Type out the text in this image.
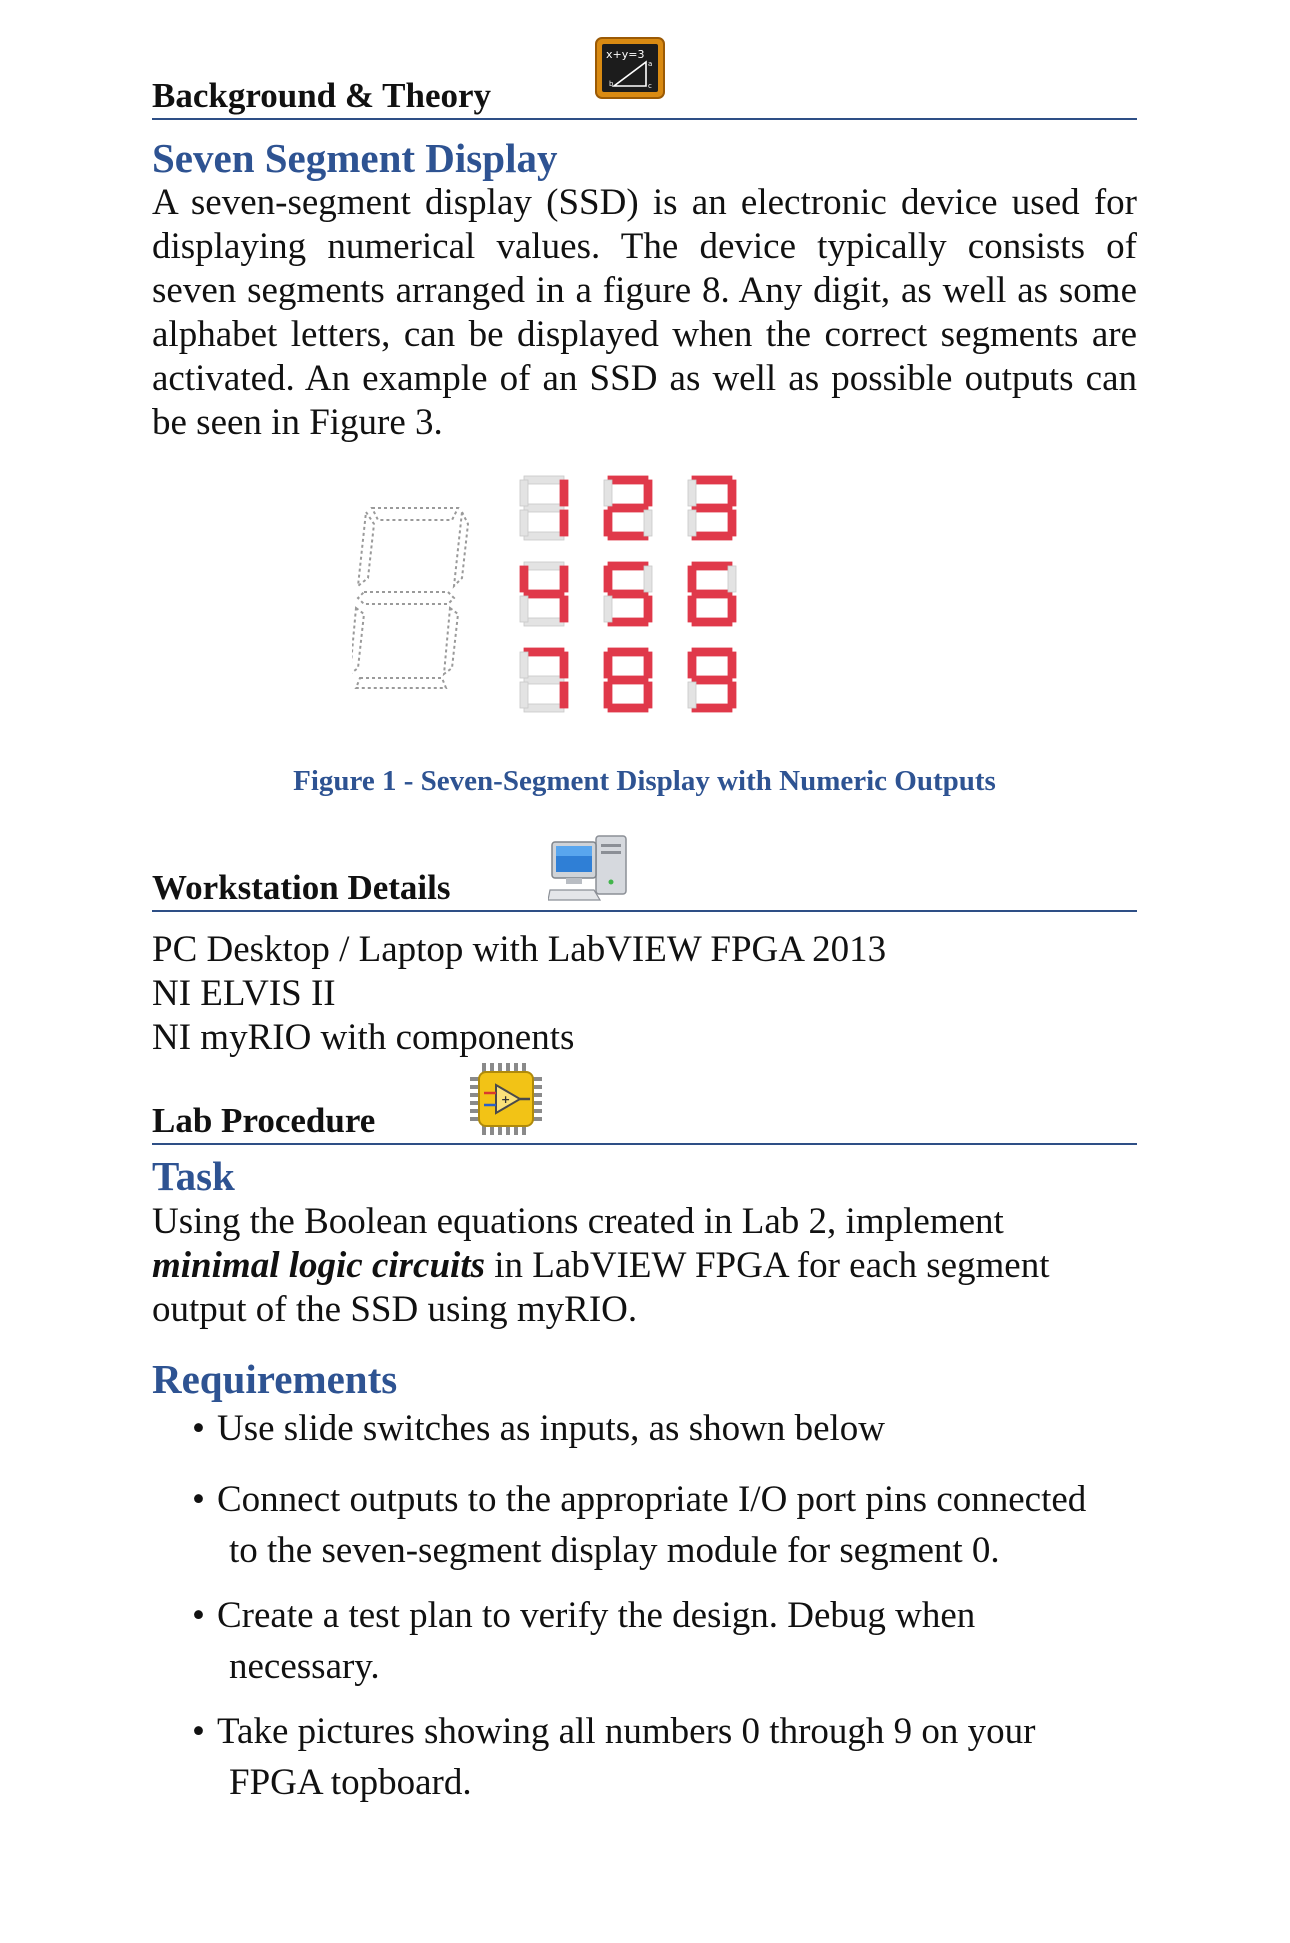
Background & Theory
x+y=3
b
a
c
Seven Segment Display
A seven-segment display (SSD) is an electronic device used for displaying numerical values. The device typically consists of seven segments arranged in a figure 8. Any digit, as well as some alphabet letters, can be displayed when the correct segments are activated. An example of an SSD as well as possible outputs can be seen in Figure 3.
Figure 1 - Seven-Segment Display with Numeric Outputs
Workstation Details
PC Desktop / Laptop with LabVIEW FPGA 2013
NI ELVIS II
NI myRIO with components
Lab Procedure
+
Task
Using the Boolean equations created in Lab 2, implement
minimal logic circuits in LabVIEW FPGA for each segment
output of the SSD using myRIO.
Requirements
• Use slide switches as inputs, as shown below
• Connect outputs to the appropriate I/O port pins connected
to the seven-segment display module for segment 0.
• Create a test plan to verify the design. Debug when
necessary.
• Take pictures showing all numbers 0 through 9 on your
FPGA topboard.
